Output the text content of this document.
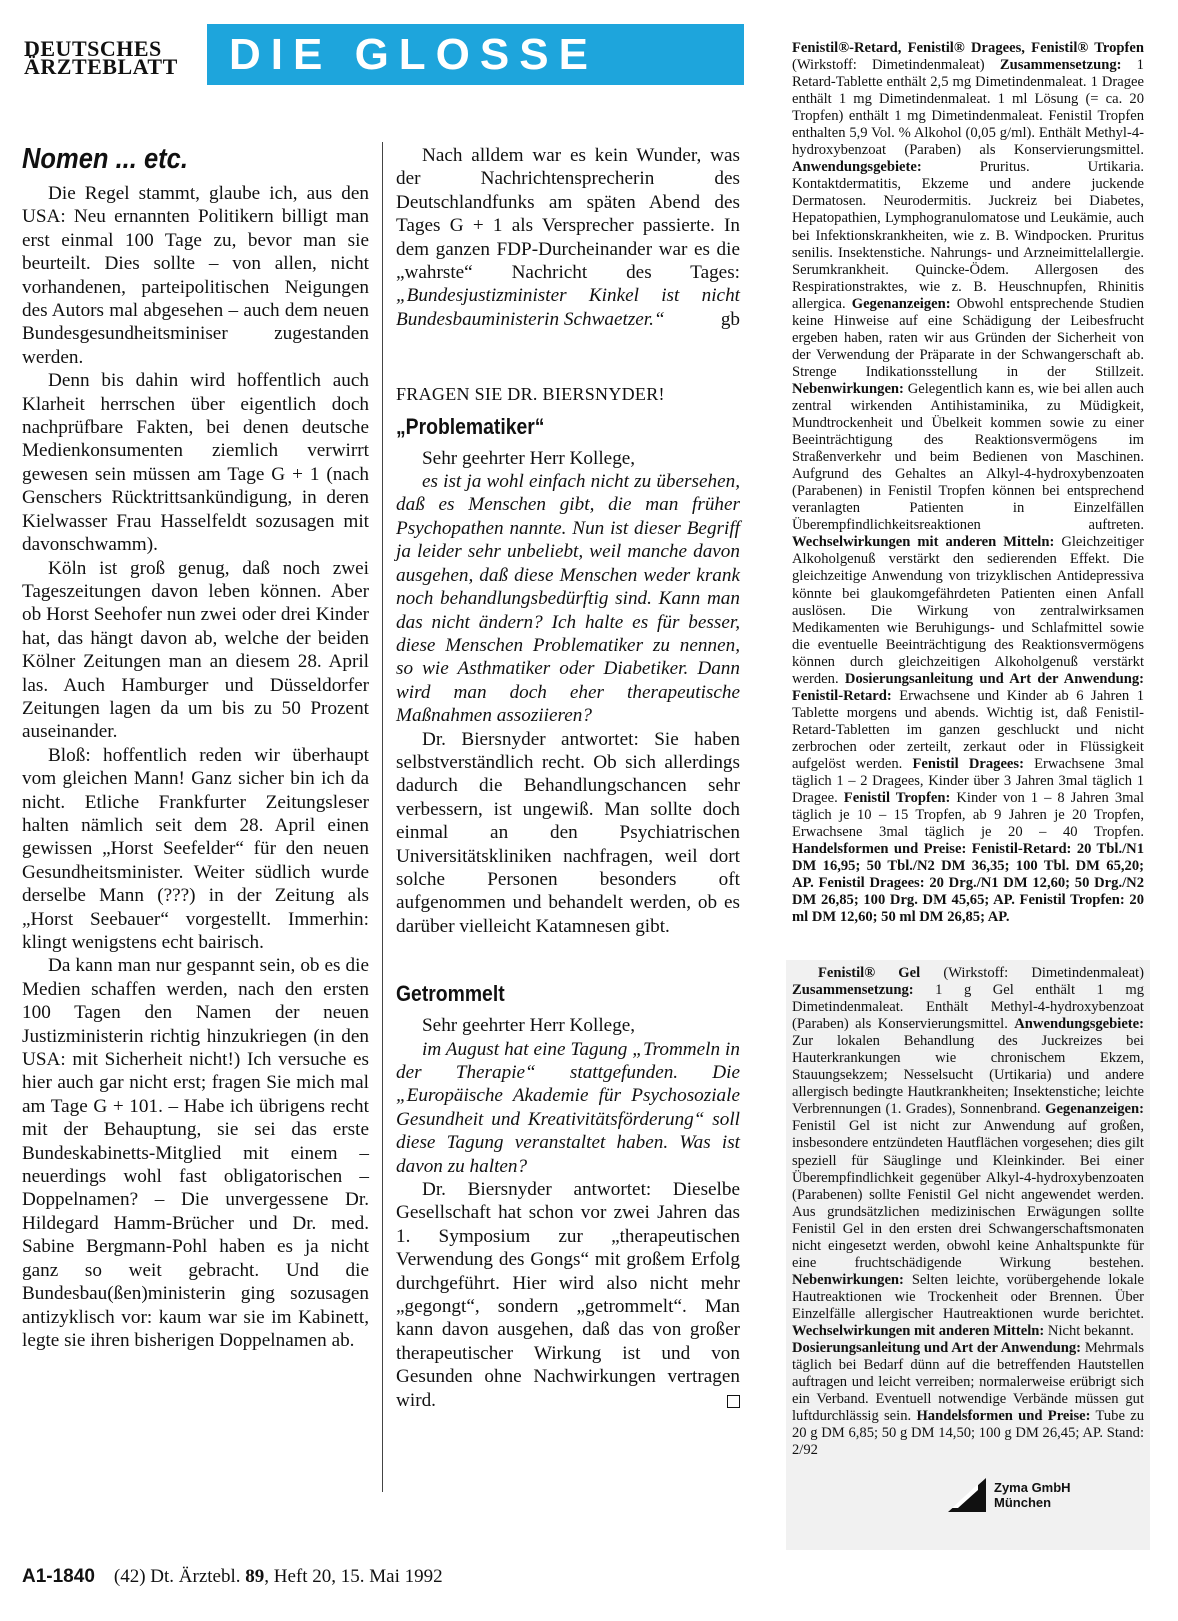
DEUTSCHES
ÄRZTEBLATT	DIE GLOSSE
Nomen ... etc.

Die Regel stammt, glaube ich, aus den USA: Neu ernannten Politikern billigt man erst einmal 100 Tage zu, bevor man sie beurteilt. Dies sollte – von allen, nicht vorhandenen, parteipolitischen Neigungen des Autors mal abgesehen – auch dem neuen Bundesgesundheitsminiser zugestanden werden.

Denn bis dahin wird hoffentlich auch Klarheit herrschen über eigentlich doch nachprüfbare Fakten, bei denen deutsche Medienkonsumenten ziemlich verwirrt gewesen sein müssen am Tage G + 1 (nach Genschers Rücktrittsankündigung, in deren Kielwasser Frau Hasselfeldt sozusagen mit davonschwamm).

Köln ist groß genug, daß noch zwei Tageszeitungen davon leben können. Aber ob Horst Seehofer nun zwei oder drei Kinder hat, das hängt davon ab, welche der beiden Kölner Zeitungen man an diesem 28. April las. Auch Hamburger und Düsseldorfer Zeitungen lagen da um bis zu 50 Prozent auseinander.

Bloß: hoffentlich reden wir überhaupt vom gleichen Mann! Ganz sicher bin ich da nicht. Etliche Frankfurter Zeitungsleser halten nämlich seit dem 28. April einen gewissen „Horst Seefelder“ für den neuen Gesundheitsminister. Weiter südlich wurde derselbe Mann (???) in der Zeitung als „Horst Seebauer“ vorgestellt. Immerhin: klingt wenigstens echt bairisch.

Da kann man nur gespannt sein, ob es die Medien schaffen werden, nach den ersten 100 Tagen den Namen der neuen Justizministerin richtig hinzukriegen (in den USA: mit Sicherheit nicht!) Ich versuche es hier auch gar nicht erst; fragen Sie mich mal am Tage G + 101. – Habe ich übrigens recht mit der Behauptung, sie sei das erste Bundeskabinetts-Mitglied mit einem – neuerdings wohl fast obligatorischen – Doppelnamen? – Die unvergessene Dr. Hildegard Hamm-Brücher und Dr. med. Sabine Bergmann-Pohl haben es ja nicht ganz so weit gebracht. Und die Bundesbau(ßen)ministerin ging sozusagen antizyklisch vor: kaum war sie im Kabinett, legte sie ihren bisherigen Doppelnamen ab.

Nach alldem war es kein Wunder, was der Nachrichtensprecherin des Deutschlandfunks am späten Abend des Tages G + 1 als Versprecher passierte. In dem ganzen FDP-Durcheinander war es die „wahrste“ Nachricht des Tages: „Bundesjustizminister Kinkel ist nicht Bundesbauministerin Schwaetzer.“	gb

FRAGEN SIE DR. BIERSNYDER!
„Problematiker“

Sehr geehrter Herr Kollege,

es ist ja wohl einfach nicht zu übersehen, daß es Menschen gibt, die man früher Psychopathen nannte. Nun ist dieser Begriff ja leider sehr unbeliebt, weil manche davon ausgehen, daß diese Menschen weder krank noch behandlungsbedürftig sind. Kann man das nicht ändern? Ich halte es für besser, diese Menschen Problematiker zu nennen, so wie Asthmatiker oder Diabetiker. Dann wird man doch eher therapeutische Maßnahmen assoziieren?

Dr. Biersnyder antwortet: Sie haben selbstverständlich recht. Ob sich allerdings dadurch die Behandlungschancen sehr verbessern, ist ungewiß. Man sollte doch einmal an den Psychiatrischen Universitätskliniken nachfragen, weil dort solche Personen besonders oft aufgenommen und behandelt werden, ob es darüber vielleicht Katamnesen gibt.

Getrommelt

Sehr geehrter Herr Kollege,

im August hat eine Tagung „Trommeln in der Therapie“ stattgefunden. Die „Europäische Akademie für Psychosoziale Gesundheit und Kreativitätsförderung“ soll diese Tagung veranstaltet haben. Was ist davon zu halten?

Dr. Biersnyder antwortet: Dieselbe Gesellschaft hat schon vor zwei Jahren das 1. Symposium zur „therapeutischen Verwendung des Gongs“ mit großem Erfolg durchgeführt. Hier wird also nicht mehr „gegongt“, sondern „getrommelt“. Man kann davon ausgehen, daß das von großer therapeutischer Wirkung ist und von Gesunden ohne Nachwirkungen vertragen wird.

Fenistil®-Retard, Fenistil® Dragees, Fenistil® Tropfen (Wirkstoff: Dimetindenmaleat) Zusammensetzung: 1 Retard-Tablette enthält 2,5 mg Dimetindenmaleat. 1 Dragee enthält 1 mg Dimetindenmaleat. 1 ml Lösung (= ca. 20 Tropfen) enthält 1 mg Dimetindenmaleat. Fenistil Tropfen enthalten 5,9 Vol. % Alkohol (0,05 g/ml). Enthält Methyl-4-hydroxybenzoat (Paraben) als Konservierungsmittel. Anwendungsgebiete: Pruritus. Urtikaria. Kontaktdermatitis, Ekzeme und andere juckende Dermatosen. Neurodermitis. Juckreiz bei Diabetes, Hepatopathien, Lymphogranulomatose und Leukämie, auch bei Infektionskrankheiten, wie z. B. Windpocken. Pruritus senilis. Insektenstiche. Nahrungs- und Arzneimittelallergie. Serumkrankheit. Quincke-Ödem. Allergosen des Respirationstraktes, wie z. B. Heuschnupfen, Rhinitis allergica. Gegenanzeigen: Obwohl entsprechende Studien keine Hinweise auf eine Schädigung der Leibesfrucht ergeben haben, raten wir aus Gründen der Sicherheit von der Verwendung der Präparate in der Schwangerschaft ab. Strenge Indikationsstellung in der Stillzeit. Nebenwirkungen: Gelegentlich kann es, wie bei allen auch zentral wirkenden Antihistaminika, zu Müdigkeit, Mundtrockenheit und Übelkeit kommen sowie zu einer Beeinträchtigung des Reaktionsvermögens im Straßenverkehr und beim Bedienen von Maschinen. Aufgrund des Gehaltes an Alkyl-4-hydroxybenzoaten (Parabenen) in Fenistil Tropfen können bei entsprechend veranlagten Patienten in Einzelfällen Überempfindlichkeitsreaktionen auftreten. Wechselwirkungen mit anderen Mitteln: Gleichzeitiger Alkoholgenuß verstärkt den sedierenden Effekt. Die gleichzeitige Anwendung von trizyklischen Antidepressiva könnte bei glaukomgefährdeten Patienten einen Anfall auslösen. Die Wirkung von zentralwirksamen Medikamenten wie Beruhigungs- und Schlafmittel sowie die eventuelle Beeinträchtigung des Reaktionsvermögens können durch gleichzeitigen Alkoholgenuß verstärkt werden. Dosierungsanleitung und Art der Anwendung: Fenistil-Retard: Erwachsene und Kinder ab 6 Jahren 1 Tablette morgens und abends. Wichtig ist, daß Fenistil-Retard-Tabletten im ganzen geschluckt und nicht zerbrochen oder zerteilt, zerkaut oder in Flüssigkeit aufgelöst werden. Fenistil Dragees: Erwachsene 3mal täglich 1 – 2 Dragees, Kinder über 3 Jahren 3mal täglich 1 Dragee. Fenistil Tropfen: Kinder von 1 – 8 Jahren 3mal täglich je 10 – 15 Tropfen, ab 9 Jahren je 20 Tropfen, Erwachsene 3mal täglich je 20 – 40 Tropfen. Handelsformen und Preise: Fenistil-Retard: 20 Tbl./N1 DM 16,95; 50 Tbl./N2 DM 36,35; 100 Tbl. DM 65,20; AP. Fenistil Dragees: 20 Drg./N1 DM 12,60; 50 Drg./N2 DM 26,85; 100 Drg. DM 45,65; AP. Fenistil Tropfen: 20 ml DM 12,60; 50 ml DM 26,85; AP.

Fenistil® Gel (Wirkstoff: Dimetindenmaleat) Zusammensetzung: 1 g Gel enthält 1 mg Dimetindenmaleat. Enthält Methyl-4-hydroxybenzoat (Paraben) als Konservierungsmittel. Anwendungsgebiete: Zur lokalen Behandlung des Juckreizes bei Hauterkrankungen wie chronischem Ekzem, Stauungsekzem; Nesselsucht (Urtikaria) und andere allergisch bedingte Hautkrankheiten; Insektenstiche; leichte Verbrennungen (1. Grades), Sonnenbrand. Gegenanzeigen: Fenistil Gel ist nicht zur Anwendung auf großen, insbesondere entzündeten Hautflächen vorgesehen; dies gilt speziell für Säuglinge und Kleinkinder. Bei einer Überempfindlichkeit gegenüber Alkyl-4-hydroxybenzoaten (Parabenen) sollte Fenistil Gel nicht angewendet werden. Aus grundsätzlichen medizinischen Erwägungen sollte Fenistil Gel in den ersten drei Schwangerschaftsmonaten nicht eingesetzt werden, obwohl keine Anhaltspunkte für eine fruchtschädigende Wirkung bestehen. Nebenwirkungen: Selten leichte, vorübergehende lokale Hautreaktionen wie Trockenheit oder Brennen. Über Einzelfälle allergischer Hautreaktionen wurde berichtet. Wechselwirkungen mit anderen Mitteln: Nicht bekannt.
Dosierungsanleitung und Art der Anwendung: Mehrmals täglich bei Bedarf dünn auf die betreffenden Hautstellen auftragen und leicht verreiben; normalerweise erübrigt sich ein Verband. Eventuell notwendige Verbände müssen gut luftdurchlässig sein. Handelsformen und Preise: Tube zu 20 g DM 6,85; 50 g DM 14,50; 100 g DM 26,45; AP. Stand: 2/92

Zyma GmbH
München
A1-1840 (42) Dt. Ärztebl. 89, Heft 20, 15. Mai 1992
